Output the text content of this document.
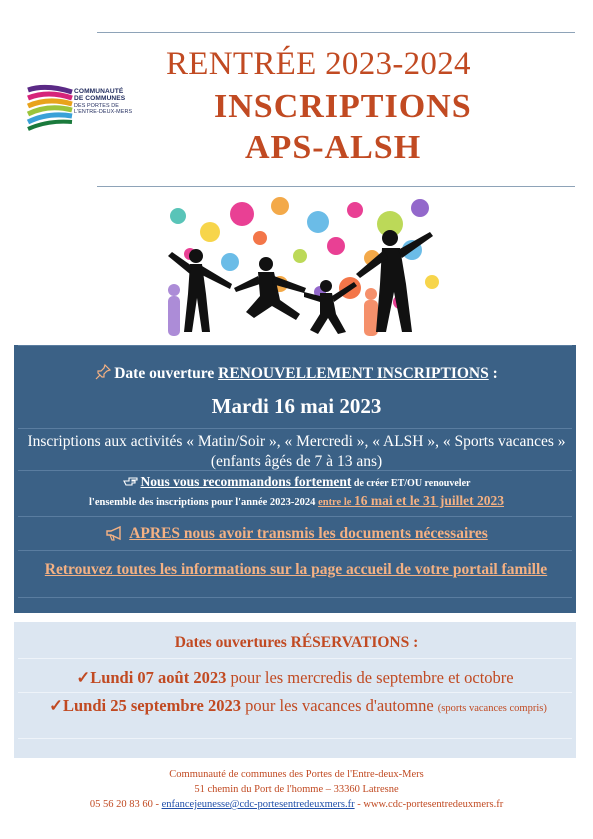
COMMUNAUTÉ
DE COMMUNES
DES PORTES DE
L'ENTRE-DEUX-MERS
RENTRÉE 2023-2024
INSCRIPTIONS
APS-ALSH
Date ouverture RENOUVELLEMENT INSCRIPTIONS :
Mardi 16 mai 2023
Inscriptions aux activités « Matin/Soir », « Mercredi », « ALSH », « Sports vacances » (enfants âgés de 7 à 13 ans)
Nous vous recommandons fortement de créer ET/OU renouveler
l'ensemble des inscriptions pour l'année 2023-2024 entre le 16 mai et le 31 juillet 2023
APRES nous avoir transmis les documents nécessaires
Retrouvez toutes les informations sur la page accueil de votre portail famille
Dates ouvertures RÉSERVATIONS :
✓Lundi 07 août 2023 pour les mercredis de septembre et octobre
✓Lundi 25 septembre 2023 pour les vacances d'automne (sports vacances compris)
Communauté de communes des Portes de l'Entre-deux-Mers
51 chemin du Port de l'homme – 33360 Latresne
05 56 20 83 60 - enfancejeunesse@cdc-portesentredeuxmers.fr - www.cdc-portesentredeuxmers.fr
